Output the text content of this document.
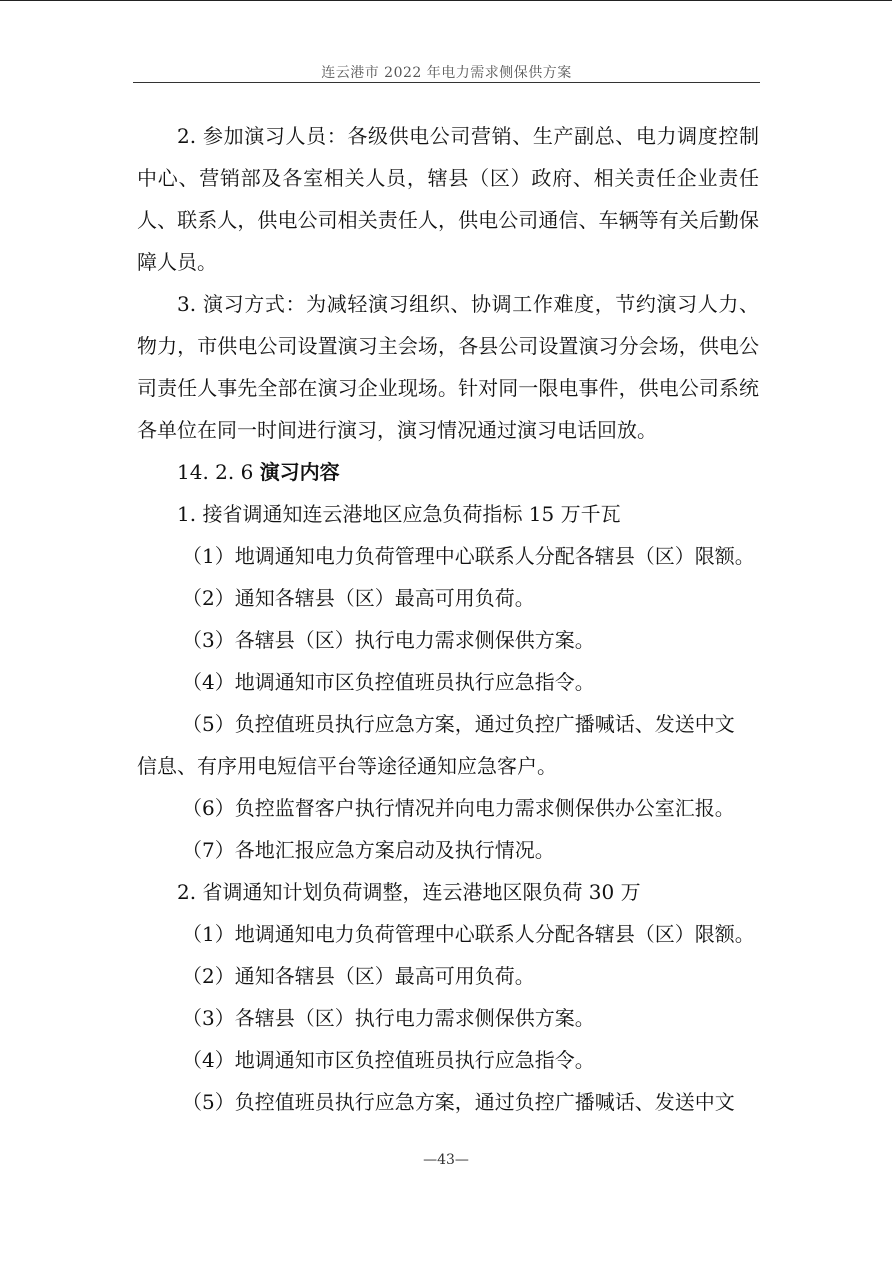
连云港市 2022 年电力需求侧保供方案

2. 参加演习人员：各级供电公司营销、生产副总、电力调度控制中心、营销部及各室相关人员，辖县（区）政府、相关责任企业责任人、联系人，供电公司相关责任人，供电公司通信、车辆等有关后勤保障人员。

3. 演习方式：为减轻演习组织、协调工作难度，节约演习人力、物力，市供电公司设置演习主会场，各县公司设置演习分会场，供电公司责任人事先全部在演习企业现场。针对同一限电事件，供电公司系统各单位在同一时间进行演习，演习情况通过演习电话回放。

14. 2. 6 演习内容

1. 接省调通知连云港地区应急负荷指标 15 万千瓦

（1）地调通知电力负荷管理中心联系人分配各辖县（区）限额。

（2）通知各辖县（区）最高可用负荷。

（3）各辖县（区）执行电力需求侧保供方案。

（4）地调通知市区负控值班员执行应急指令。

（5）负控值班员执行应急方案，通过负控广播喊话、发送中文

信息、有序用电短信平台等途径通知应急客户。

（6）负控监督客户执行情况并向电力需求侧保供办公室汇报。

（7）各地汇报应急方案启动及执行情况。

2. 省调通知计划负荷调整，连云港地区限负荷 30 万

（1）地调通知电力负荷管理中心联系人分配各辖县（区）限额。

（2）通知各辖县（区）最高可用负荷。

（3）各辖县（区）执行电力需求侧保供方案。

（4）地调通知市区负控值班员执行应急指令。

（5）负控值班员执行应急方案，通过负控广播喊话、发送中文

—43—
